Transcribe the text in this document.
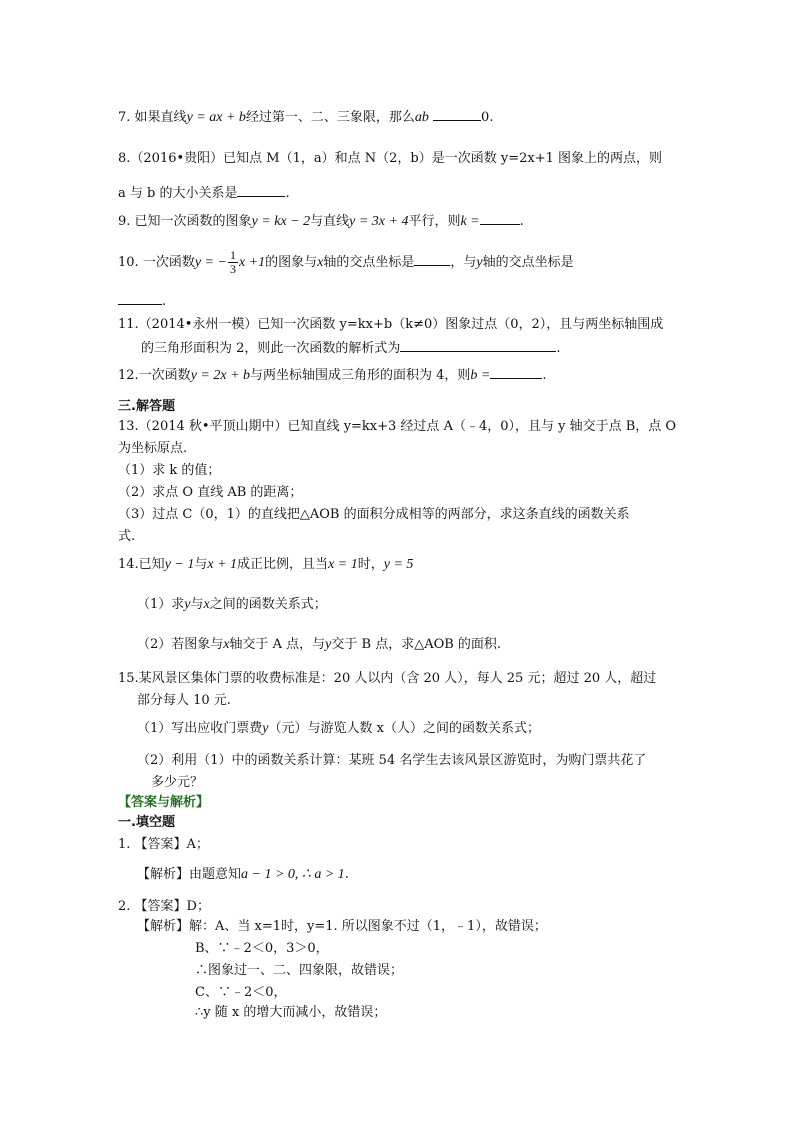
7. 如果直线y = ax + b经过第一、二、三象限，那么ab	0.
8.（2016•贵阳）已知点 M（1，a）和点 N（2，b）是一次函数 y=2x+1 图象上的两点，则
a 与 b 的大小关系是	.
9. 已知一次函数的图象y = kx − 2与直线y = 3x + 4平行，则k =	.
10. 一次函数y = − $\frac{1}{3}$ x +1的图象与x轴的交点坐标是	，与y轴的交点坐标是
.
11.（2014•永州一模）已知一次函数 y=kx+b（k≠0）图象过点（0，2），且与两坐标轴围成
的三角形面积为 2，则此一次函数的解析式为	.
12.一次函数y = 2x + b与两坐标轴围成三角形的面积为 4，则b =	.
三.解答题
13.（2014 秋•平顶山期中）已知直线 y=kx+3 经过点 A（﹣4，0），且与 y 轴交于点 B，点 O
为坐标原点.
（1）求 k 的值；
（2）求点 O 直线 AB 的距离；
（3）过点 C（0，1）的直线把△AOB 的面积分成相等的两部分，求这条直线的函数关系
式.
14.已知y − 1与x + 1成正比例，且当x = 1时，y = 5
（1）求y与x之间的函数关系式；
（2）若图象与x轴交于 A 点，与y交于 B 点，求△AOB 的面积.
15.某风景区集体门票的收费标准是：20 人以内（含 20 人），每人 25 元；超过 20 人，超过
部分每人 10 元.
（1）写出应收门票费y（元）与游览人数 x（人）之间的函数关系式；
（2）利用（1）中的函数关系计算：某班 54 名学生去该风景区游览时，为购门票共花了
多少元？
【答案与解析】
一.填空题
1. 【答案】A；
【解析】由题意知a − 1 > 0, ∴ a > 1.
2. 【答案】D；
【解析】解：A、当 x=1时，y=1. 所以图象不过（1，﹣1），故错误；
B、∵﹣2＜0，3＞0，
∴图象过一、二、四象限，故错误；
C、∵﹣2＜0，
∴y 随 x 的增大而减小，故错误；
